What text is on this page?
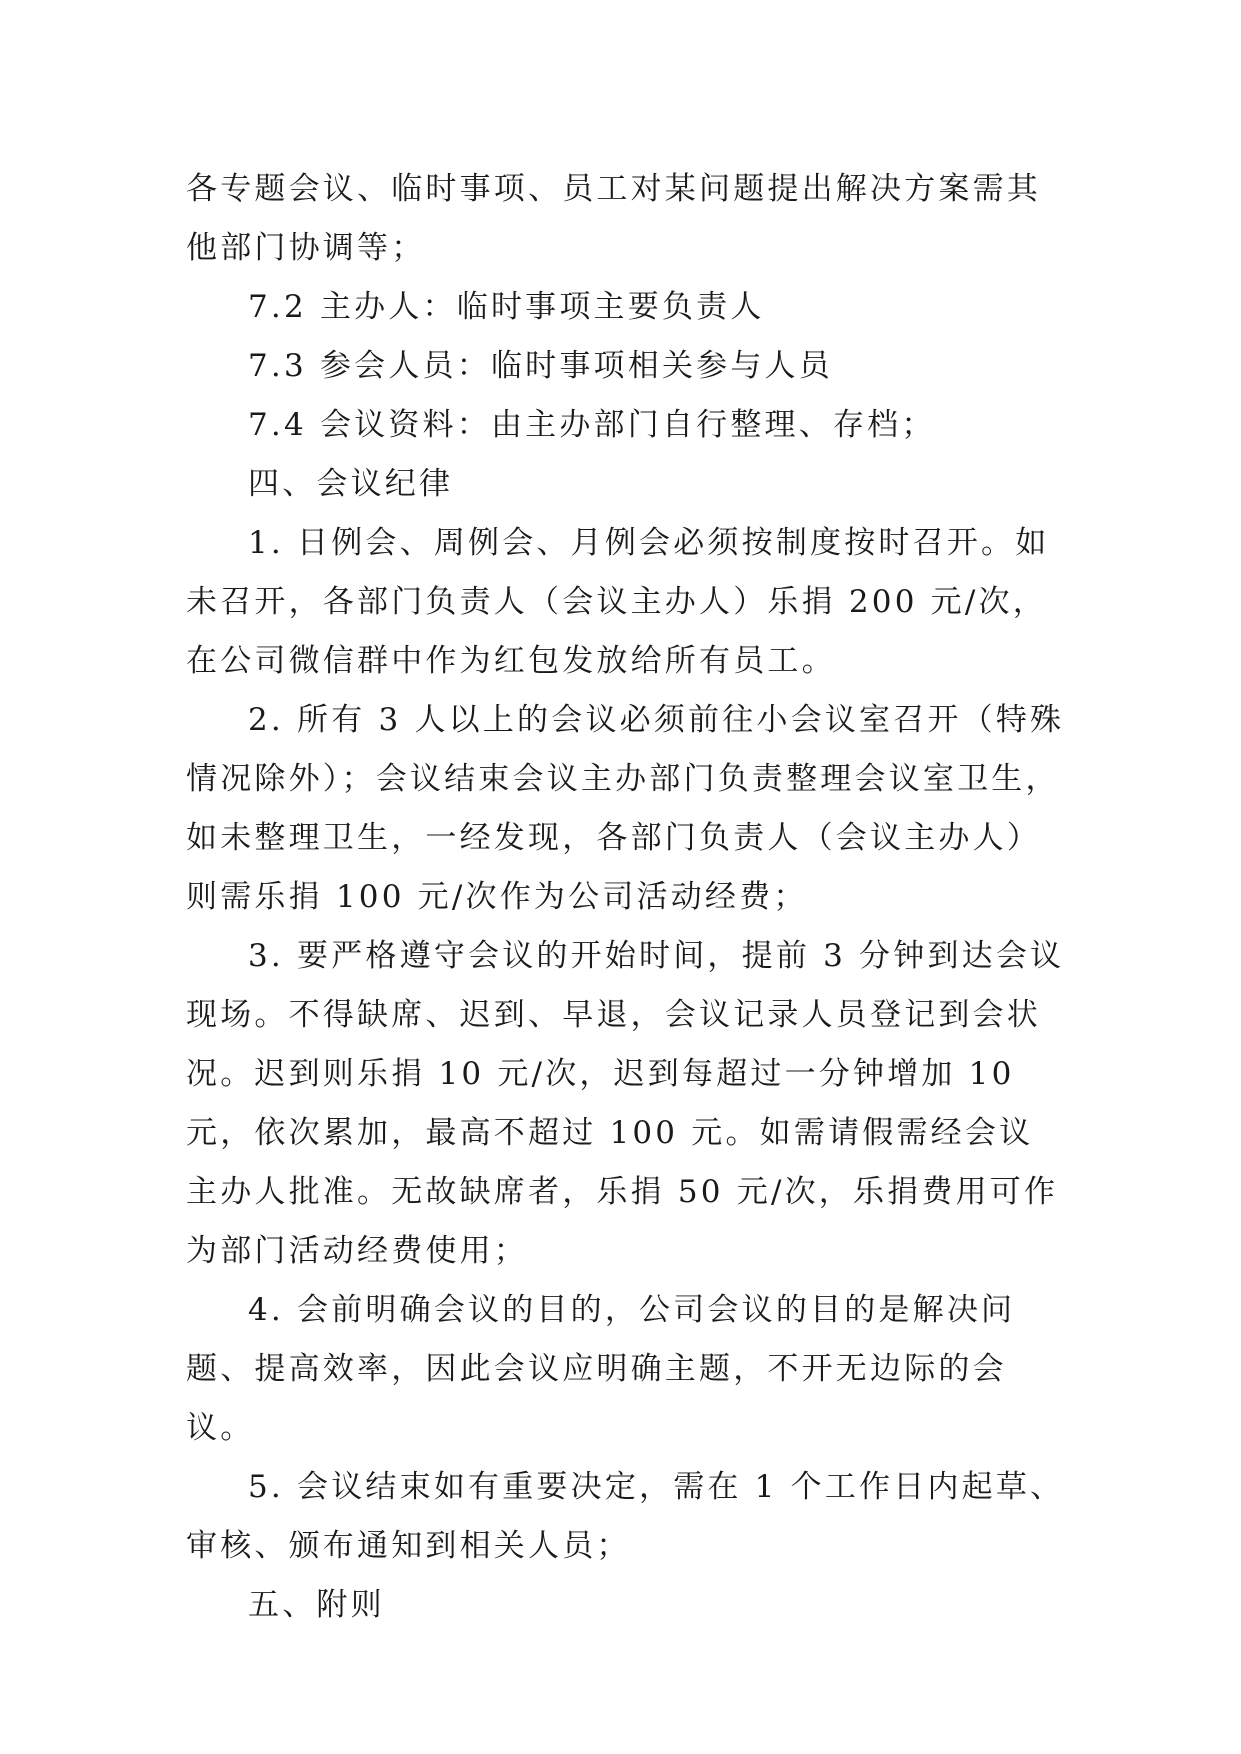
各专题会议、临时事项、员工对某问题提出解决方案需其他部门协调等；

7.2 主办人：临时事项主要负责人

7.3 参会人员：临时事项相关参与人员

7.4 会议资料：由主办部门自行整理、存档；

四、会议纪律

1. 日例会、周例会、月例会必须按制度按时召开。如未召开，各部门负责人（会议主办人）乐捐 200 元/次，在公司微信群中作为红包发放给所有员工。

2. 所有 3 人以上的会议必须前往小会议室召开（特殊情况除外）；会议结束会议主办部门负责整理会议室卫生，如未整理卫生，一经发现，各部门负责人（会议主办人）则需乐捐 100 元/次作为公司活动经费；

3. 要严格遵守会议的开始时间，提前 3 分钟到达会议现场。不得缺席、迟到、早退，会议记录人员登记到会状况。迟到则乐捐 10 元/次，迟到每超过一分钟增加 10 元，依次累加，最高不超过 100 元。如需请假需经会议主办人批准。无故缺席者，乐捐 50 元/次，乐捐费用可作为部门活动经费使用；

4. 会前明确会议的目的，公司会议的目的是解决问题、提高效率，因此会议应明确主题，不开无边际的会议。

5. 会议结束如有重要决定，需在 1 个工作日内起草、审核、颁布通知到相关人员；

五、附则
